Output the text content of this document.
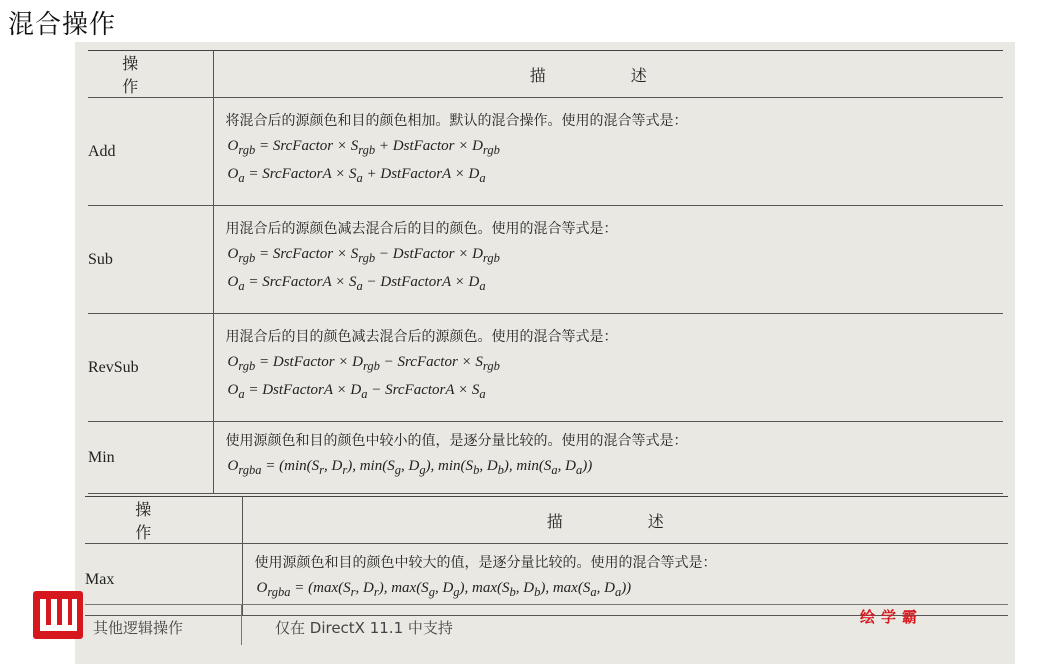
混合操作
操 作	描 述
Add	将混合后的源颜色和目的颜色相加。默认的混合操作。使用的混合等式是：
$O_{rgb}$ = SrcFactor × $S_{rgb}$ + DstFactor × $D_{rgb}$
$O_a$ = SrcFactorA × $S_a$ + DstFactorA × $D_a$

Sub	用混合后的源颜色减去混合后的目的颜色。使用的混合等式是：
$O_{rgb}$ = SrcFactor × $S_{rgb}$ − DstFactor × $D_{rgb}$
$O_a$ = SrcFactorA × $S_a$ − DstFactorA × $D_a$

RevSub	用混合后的目的颜色减去混合后的源颜色。使用的混合等式是：
$O_{rgb}$ = DstFactor × $D_{rgb}$ − SrcFactor × $S_{rgb}$
$O_a$ = DstFactorA × $D_a$ − SrcFactorA × $S_a$

Min	使用源颜色和目的颜色中较小的值，是逐分量比较的。使用的混合等式是：
$O_{rgba} = (\min(S_r$, $D_r$), $\min(S_g$, $D_g$), $\min(S_b$, $D_b$), $\min(S_a$, $D_a$))
操 作	描 述
Max	使用源颜色和目的颜色中较大的值，是逐分量比较的。使用的混合等式是：
$O_{rgba} = (\max(S_r$, $D_r$), $\max(S_g$, $D_g$), $\max(S_b$, $D_b$), $\max(S_a$, $D_a$))
其他逻辑操作	仅在 DirectX 11.1 中支持
绘学霸
